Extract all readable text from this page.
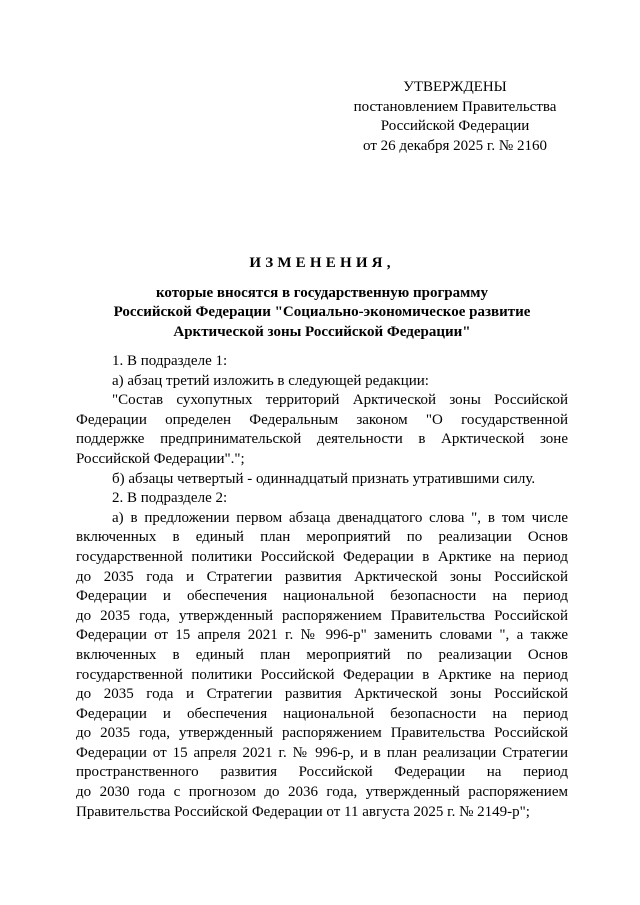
УТВЕРЖДЕНЫ
постановлением Правительства
Российской Федерации
от 26 декабря 2025 г. № 2160
ИЗМЕНЕНИЯ,
которые вносятся в государственную программу
Российской Федерации "Социально-экономическое развитие
Арктической зоны Российской Федерации"
1. В подразделе 1:
а) абзац третий изложить в следующей редакции:
"Состав сухопутных территорий Арктической зоны Российской
Федерации определен Федеральным законом "О государственной
поддержке предпринимательской деятельности в Арктической зоне
Российской Федерации".";
б) абзацы четвертый - одиннадцатый признать утратившими силу.
2. В подразделе 2:
а) в предложении первом абзаца двенадцатого слова ", в том числе
включенных в единый план мероприятий по реализации Основ
государственной политики Российской Федерации в Арктике на период
до 2035 года и Стратегии развития Арктической зоны Российской
Федерации и обеспечения национальной безопасности на период
до 2035 года, утвержденный распоряжением Правительства Российской
Федерации от 15 апреля 2021 г. № 996-р" заменить словами ", а также
включенных в единый план мероприятий по реализации Основ
государственной политики Российской Федерации в Арктике на период
до 2035 года и Стратегии развития Арктической зоны Российской
Федерации и обеспечения национальной безопасности на период
до 2035 года, утвержденный распоряжением Правительства Российской
Федерации от 15 апреля 2021 г. № 996-р, и в план реализации Стратегии
пространственного развития Российской Федерации на период
до 2030 года с прогнозом до 2036 года, утвержденный распоряжением
Правительства Российской Федерации от 11 августа 2025 г. № 2149-р";
